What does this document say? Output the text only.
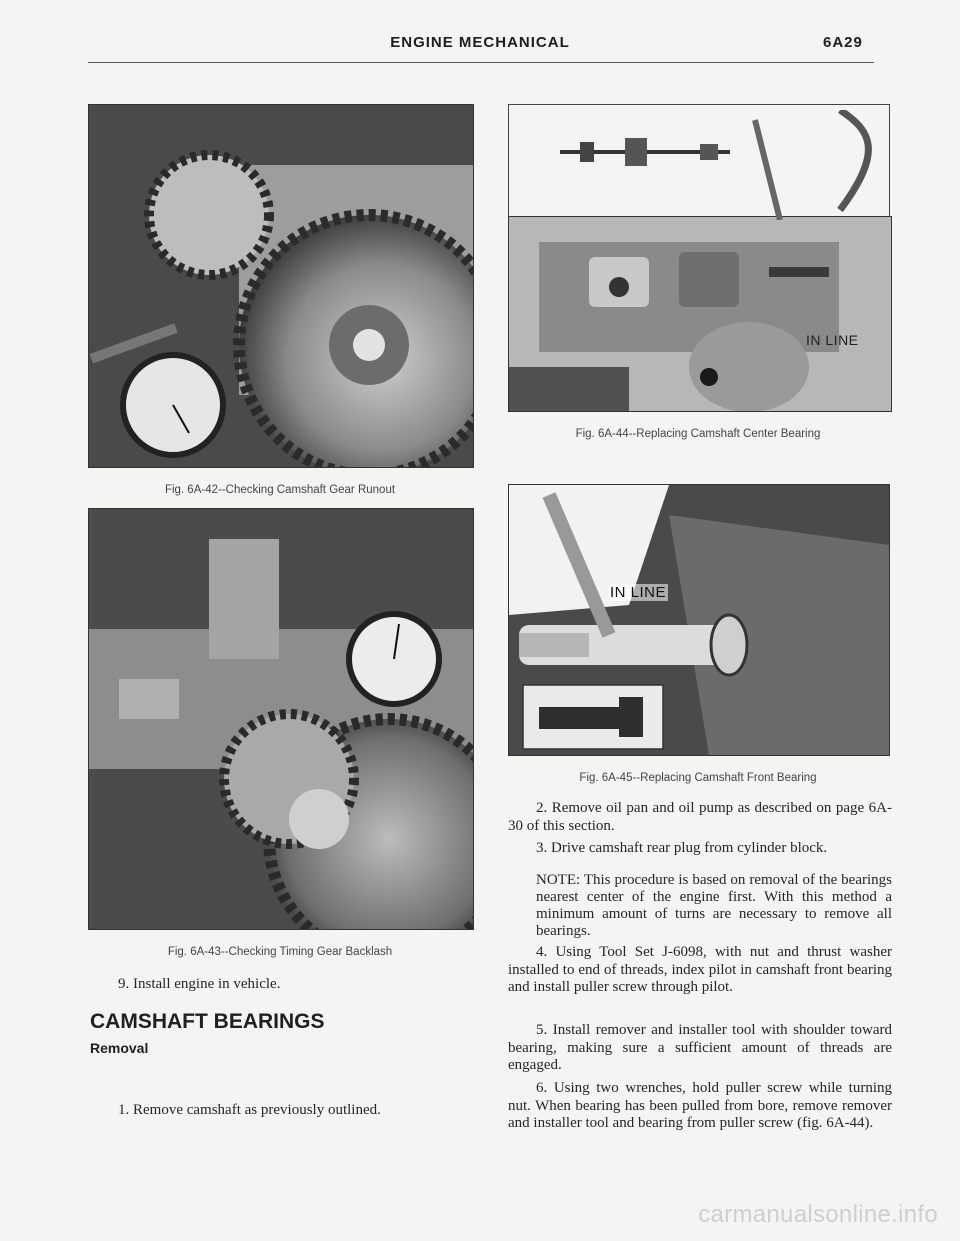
ENGINE MECHANICAL	6A29
Fig. 6A-42--Checking Camshaft Gear Runout
Fig. 6A-43--Checking Timing Gear Backlash
9. Install engine in vehicle.
CAMSHAFT BEARINGS
Removal
1. Remove camshaft as previously outlined.
IN LINE
Fig. 6A-44--Replacing Camshaft Center Bearing
IN LINE
Fig. 6A-45--Replacing Camshaft Front Bearing
2. Remove oil pan and oil pump as described on page 6A-30 of this section.
3. Drive camshaft rear plug from cylinder block.
NOTE: This procedure is based on removal of the bearings nearest center of the engine first. With this method a minimum amount of turns are necessary to remove all bearings.
4. Using Tool Set J-6098, with nut and thrust washer installed to end of threads, index pilot in camshaft front bearing and install puller screw through pilot.
5. Install remover and installer tool with shoulder toward bearing, making sure a sufficient amount of threads are engaged.
6. Using two wrenches, hold puller screw while turning nut. When bearing has been pulled from bore, remove remover and installer tool and bearing from puller screw (fig. 6A-44).
carmanualsonline.info
